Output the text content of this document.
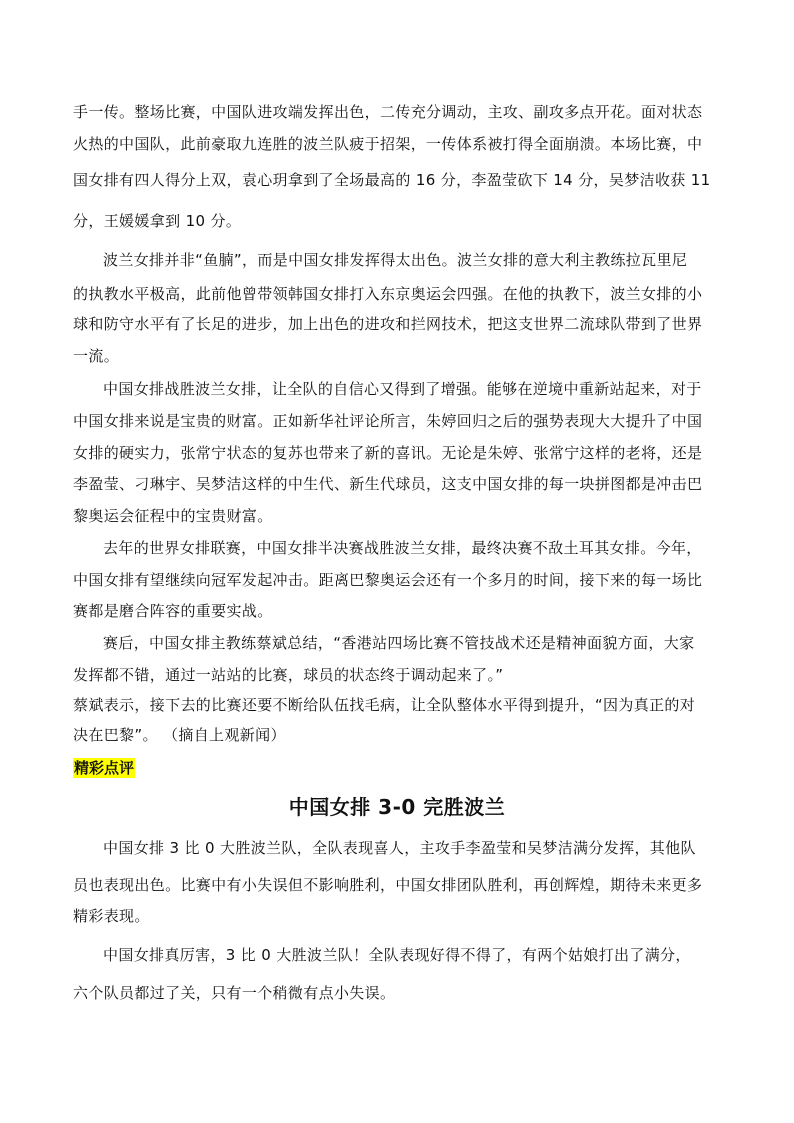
手一传。整场比赛，中国队进攻端发挥出色，二传充分调动，主攻、副攻多点开花。面对状态
火热的中国队，此前豪取九连胜的波兰队疲于招架，一传体系被打得全面崩溃。本场比赛，中
国女排有四人得分上双，袁心玥拿到了全场最高的 16 分，李盈莹砍下 14 分，吴梦洁收获 11
分，王媛媛拿到 10 分。
波兰女排并非“鱼腩”，而是中国女排发挥得太出色。波兰女排的意大利主教练拉瓦里尼
的执教水平极高，此前他曾带领韩国女排打入东京奥运会四强。在他的执教下，波兰女排的小
球和防守水平有了长足的进步，加上出色的进攻和拦网技术，把这支世界二流球队带到了世界
一流。
中国女排战胜波兰女排，让全队的自信心又得到了增强。能够在逆境中重新站起来，对于
中国女排来说是宝贵的财富。正如新华社评论所言，朱婷回归之后的强势表现大大提升了中国
女排的硬实力，张常宁状态的复苏也带来了新的喜讯。无论是朱婷、张常宁这样的老将，还是
李盈莹、刁琳宇、吴梦洁这样的中生代、新生代球员，这支中国女排的每一块拼图都是冲击巴
黎奥运会征程中的宝贵财富。
去年的世界女排联赛，中国女排半决赛战胜波兰女排，最终决赛不敌土耳其女排。今年，
中国女排有望继续向冠军发起冲击。距离巴黎奥运会还有一个多月的时间，接下来的每一场比
赛都是磨合阵容的重要实战。
赛后，中国女排主教练蔡斌总结，“香港站四场比赛不管技战术还是精神面貌方面，大家
发挥都不错，通过一站站的比赛，球员的状态终于调动起来了。”
蔡斌表示，接下去的比赛还要不断给队伍找毛病，让全队整体水平得到提升，“因为真正的对
决在巴黎”。 （摘自上观新闻）
精彩点评
中国女排 3-0 完胜波兰
中国女排 3 比 0 大胜波兰队，全队表现喜人，主攻手李盈莹和吴梦洁满分发挥，其他队
员也表现出色。比赛中有小失误但不影响胜利，中国女排团队胜利，再创辉煌，期待未来更多
精彩表现。
中国女排真厉害，3 比 0 大胜波兰队！全队表现好得不得了，有两个姑娘打出了满分，
六个队员都过了关，只有一个稍微有点小失误。
